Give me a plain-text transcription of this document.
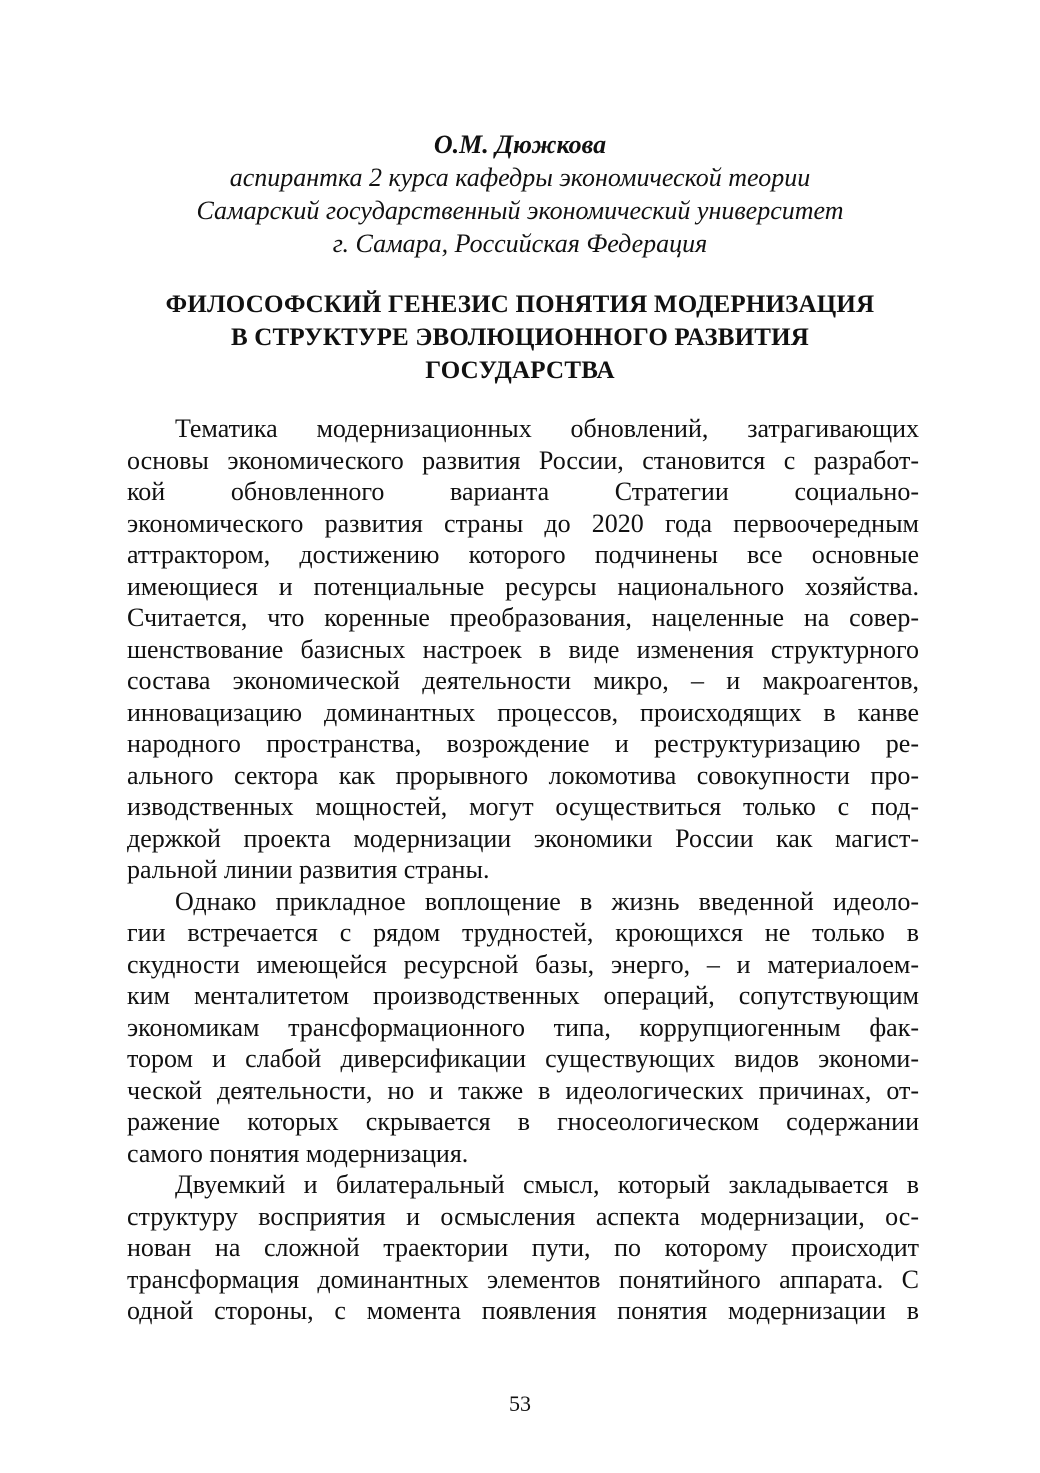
О.М. Дюжкова
аспирантка 2 курса кафедры экономической теории
Самарский государственный экономический университет
г. Самара, Российская Федерация
ФИЛОСОФСКИЙ ГЕНЕЗИС ПОНЯТИЯ МОДЕРНИЗАЦИЯ
В СТРУКТУРЕ ЭВОЛЮЦИОННОГО РАЗВИТИЯ
ГОСУДАРСТВА
Тематика модернизационных обновлений, затрагивающих
основы экономического развития России, становится с разработ-
кой обновленного варианта Стратегии социально-
экономического развития страны до 2020 года первоочередным
аттрактором, достижению которого подчинены все основные
имеющиеся и потенциальные ресурсы национального хозяйства.
Считается, что коренные преобразования, нацеленные на совер-
шенствование базисных настроек в виде изменения структурного
состава экономической деятельности микро, – и макроагентов,
инновацизацию доминантных процессов, происходящих в канве
народного пространства, возрождение и реструктуризацию ре-
ального сектора как прорывного локомотива совокупности про-
изводственных мощностей, могут осуществиться только с под-
держкой проекта модернизации экономики России как магист-
ральной линии развития страны.
Однако прикладное воплощение в жизнь введенной идеоло-
гии встречается с рядом трудностей, кроющихся не только в
скудности имеющейся ресурсной базы, энерго, – и материалоем-
ким менталитетом производственных операций, сопутствующим
экономикам трансформационного типа, коррупциогенным фак-
тором и слабой диверсификации существующих видов экономи-
ческой деятельности, но и также в идеологических причинах, от-
ражение которых скрывается в гносеологическом содержании
самого понятия модернизация.
Двуемкий и билатеральный смысл, который закладывается в
структуру восприятия и осмысления аспекта модернизации, ос-
нован на сложной траектории пути, по которому происходит
трансформация доминантных элементов понятийного аппарата. С
одной стороны, с момента появления понятия модернизации в
53
